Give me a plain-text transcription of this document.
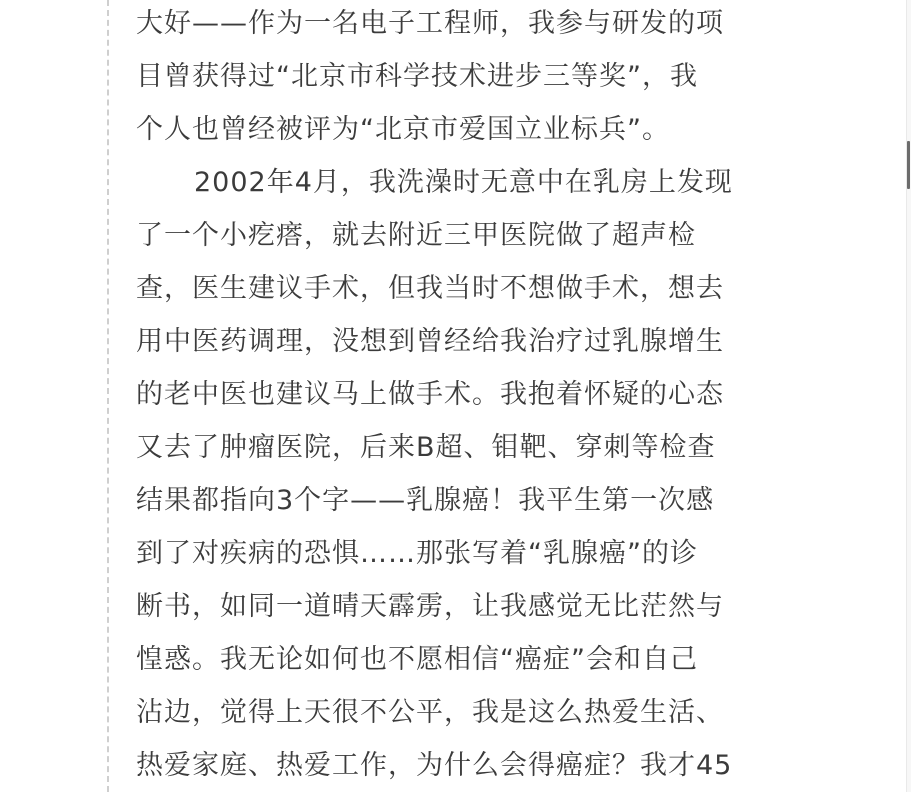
大好——作为一名电子工程师，我参与研发的项
目曾获得过“北京市科学技术进步三等奖”，我
个人也曾经被评为“北京市爱国立业标兵”。
2002年4月，我洗澡时无意中在乳房上发现
了一个小疙瘩，就去附近三甲医院做了超声检
查，医生建议手术，但我当时不想做手术，想去
用中医药调理，没想到曾经给我治疗过乳腺增生
的老中医也建议马上做手术。我抱着怀疑的心态
又去了肿瘤医院，后来B超、钼靶、穿刺等检查
结果都指向3个字——乳腺癌！我平生第一次感
到了对疾病的恐惧……那张写着“乳腺癌”的诊
断书，如同一道晴天霹雳，让我感觉无比茫然与
惶惑。我无论如何也不愿相信“癌症”会和自己
沾边，觉得上天很不公平，我是这么热爱生活、
热爱家庭、热爱工作，为什么会得癌症？我才45
